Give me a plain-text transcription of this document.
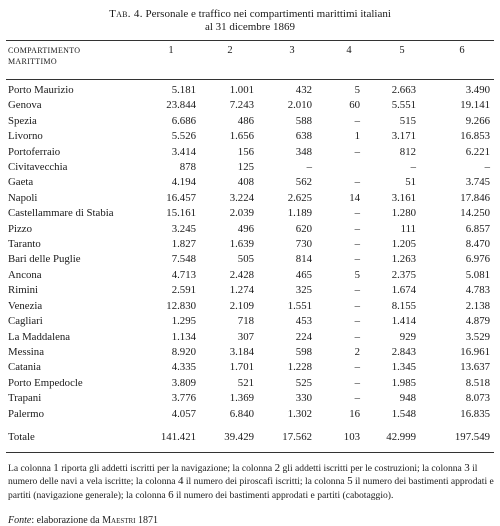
Tab. 4. Personale e traffico nei compartimenti marittimi italiani
al 31 dicembre 1869

COMPARTIMENTO
MARITTIMO	1	2	3	4	5	6

Porto Maurizio	5.181	1.001	432	5	2.663	3.490
Genova	23.844	7.243	2.010	60	5.551	19.141
Spezia	6.686	486	588	–	515	9.266
Livorno	5.526	1.656	638	1	3.171	16.853
Portoferraio	3.414	156	348	–	812	6.221
Civitavecchia	878	125	–		–	–
Gaeta	4.194	408	562	–	51	3.745
Napoli	16.457	3.224	2.625	14	3.161	17.846
Castellammare di Stabia	15.161	2.039	1.189	–	1.280	14.250
Pizzo	3.245	496	620	–	111	6.857
Taranto	1.827	1.639	730	–	1.205	8.470
Bari delle Puglie	7.548	505	814	–	1.263	6.976
Ancona	4.713	2.428	465	5	2.375	5.081
Rimini	2.591	1.274	325	–	1.674	4.783
Venezia	12.830	2.109	1.551	–	8.155	2.138
Cagliari	1.295	718	453	–	1.414	4.879
La Maddalena	1.134	307	224	–	929	3.529
Messina	8.920	3.184	598	2	2.843	16.961
Catania	4.335	1.701	1.228	–	1.345	13.637
Porto Empedocle	3.809	521	525	–	1.985	8.518
Trapani	3.776	1.369	330	–	948	8.073
Palermo	4.057	6.840	1.302	16	1.548	16.835
Totale	141.421	39.429	17.562	103	42.999	197.549

La colonna 1 riporta gli addetti iscritti per la navigazione; la colonna 2 gli addetti iscritti per le costruzioni; la colonna 3 il numero delle navi a vela iscritte; la colonna 4 il numero dei piroscafi iscritti; la colonna 5 il numero dei bastimenti approdati e partiti (navigazione generale); la colonna 6 il numero dei bastimenti approdati e partiti (cabotaggio).

Fonte: elaborazione da Maestri 1871
